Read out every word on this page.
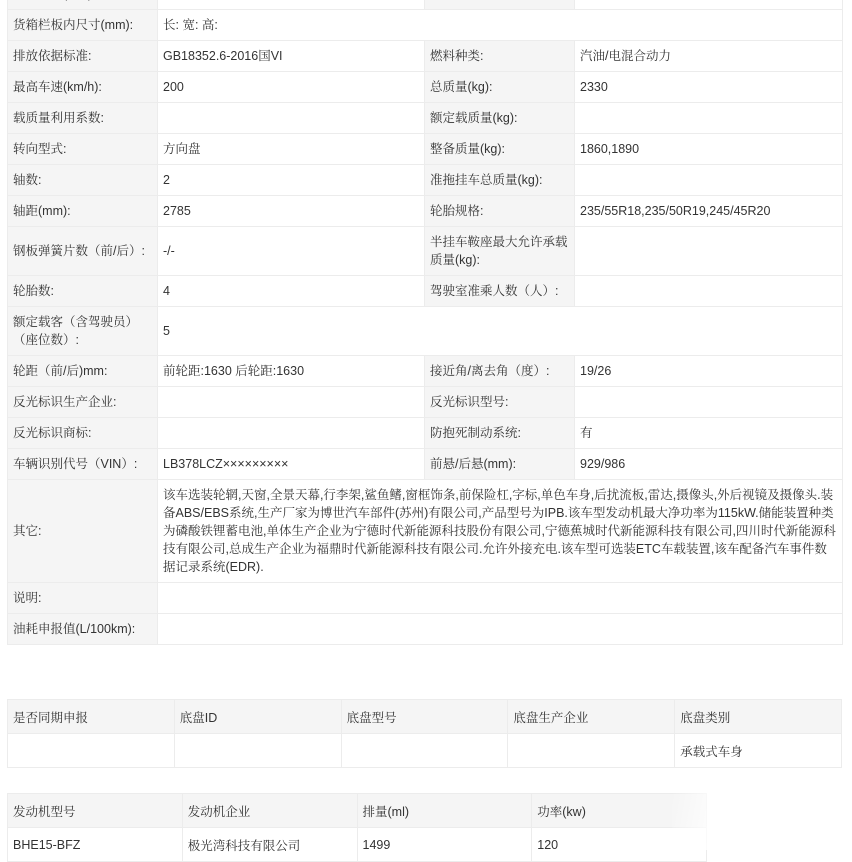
货箱栏板内尺寸(mm):	长: 宽: 高:		
排放依据标准:	GB18352.6-2016国VI	燃料种类:	汽油/电混合动力
最高车速(km/h):	200	总质量(kg):	2330
载质量利用系数:		额定载质量(kg):	
转向型式:	方向盘	整备质量(kg):	1860,1890
轴数:	2	准拖挂车总质量(kg):	
轴距(mm):	2785	轮胎规格:	235/55R18,235/50R19,245/45R20
钢板弹簧片数（前/后）:	-/-	半挂车鞍座最大允许承载质量(kg):	
轮胎数:	4	驾驶室准乘人数（人）:	
额定载客（含驾驶员）（座位数）:	5		
轮距（前/后)mm:	前轮距:1630 后轮距:1630	接近角/离去角（度）:	19/26
反光标识生产企业:		反光标识型号:	
反光标识商标:		防抱死制动系统:	有
车辆识别代号（VIN）:	LB378LCZ×××××××××	前悬/后悬(mm):	929/986
其它:	该车选装轮辋,天窗,全景天幕,行李架,鲨鱼鳍,窗框饰条,前保险杠,字标,单色车身,后扰流板,雷达,摄像头,外后视镜及摄像头.装备ABS/EBS系统,生产厂家为博世汽车部件(苏州)有限公司,产品型号为IPB.该车型发动机最大净功率为115kW.储能装置种类为磷酸铁锂蓄电池,单体生产企业为宁德时代新能源科技股份有限公司,宁德蕉城时代新能源科技有限公司,四川时代新能源科技有限公司,总成生产企业为福鼎时代新能源科技有限公司.允许外接充电.该车型可选装ETC车载装置,该车配备汽车事件数据记录系统(EDR).		
说明:			
油耗申报值(L/100km):			
是否同期申报	底盘ID	底盘型号	底盘生产企业	底盘类别
				承载式车身
发动机型号	发动机企业	排量(ml)	功率(kw)
BHE15-BFZ	极光湾科技有限公司	1499	120
